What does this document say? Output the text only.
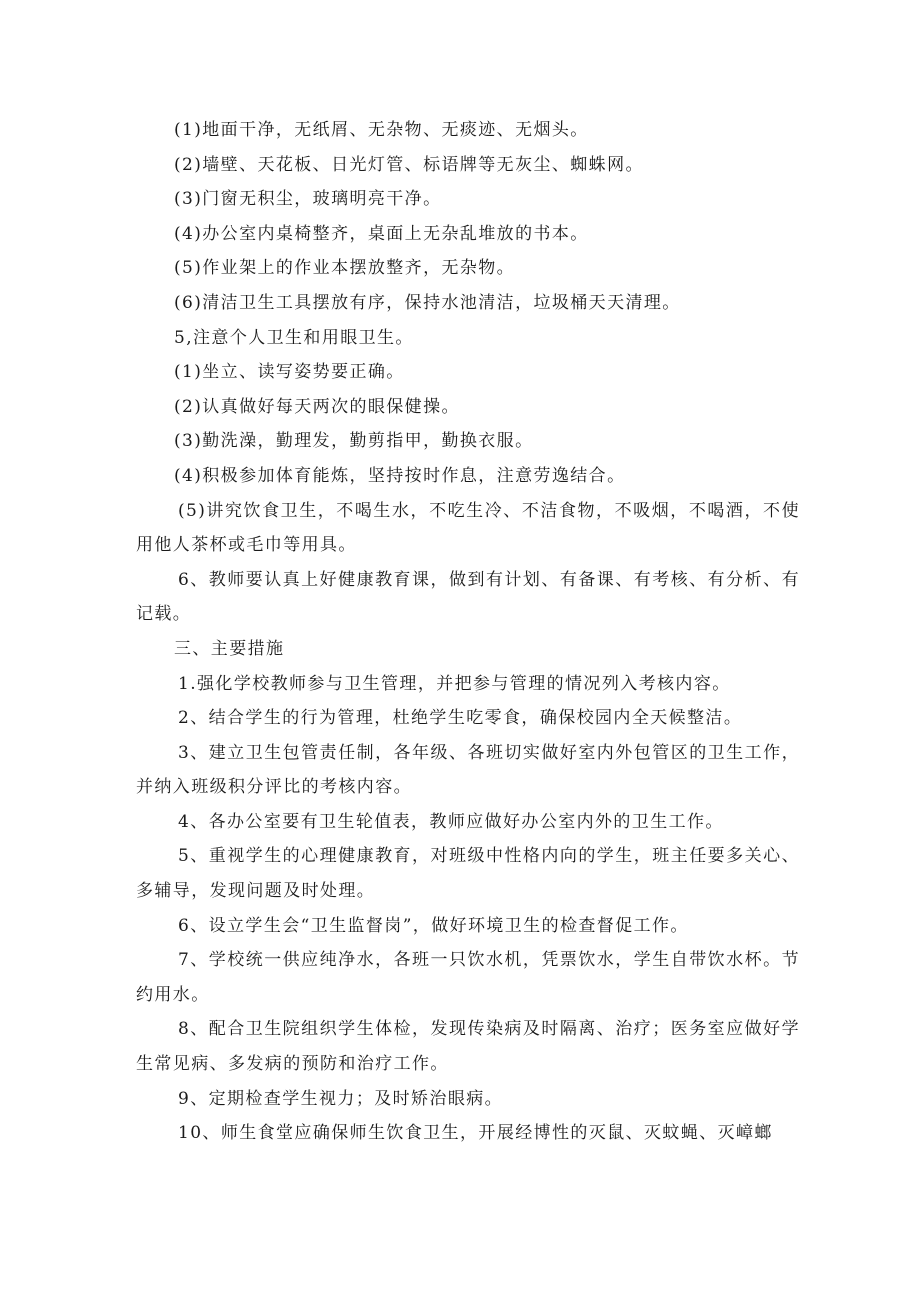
(1)地面干净，无纸屑、无杂物、无痰迹、无烟头。
(2)墙壁、天花板、日光灯管、标语牌等无灰尘、蜘蛛网。
(3)门窗无积尘，玻璃明亮干净。
(4)办公室内桌椅整齐，桌面上无杂乱堆放的书本。
(5)作业架上的作业本摆放整齐，无杂物。
(6)清洁卫生工具摆放有序，保持水池清洁，垃圾桶天天清理。
5,注意个人卫生和用眼卫生。
(1)坐立、读写姿势要正确。
(2)认真做好每天两次的眼保健操。
(3)勤洗澡，勤理发，勤剪指甲，勤换衣服。
(4)积极参加体育能炼，坚持按时作息，注意劳逸结合。
(5)讲究饮食卫生，不喝生水，不吃生冷、不洁食物，不吸烟，不喝酒，不使用他人茶杯或毛巾等用具。
6、教师要认真上好健康教育课，做到有计划、有备课、有考核、有分析、有记载。
三、主要措施
1.强化学校教师参与卫生管理，并把参与管理的情况列入考核内容。
2、结合学生的行为管理，杜绝学生吃零食，确保校园内全天候整洁。
3、建立卫生包管责任制，各年级、各班切实做好室内外包管区的卫生工作，并纳入班级积分评比的考核内容。
4、各办公室要有卫生轮值表，教师应做好办公室内外的卫生工作。
5、重视学生的心理健康教育，对班级中性格内向的学生，班主任要多关心、多辅导，发现问题及时处理。
6、设立学生会“卫生监督岗”，做好环境卫生的检查督促工作。
7、学校统一供应纯净水，各班一只饮水机，凭票饮水，学生自带饮水杯。节约用水。
8、配合卫生院组织学生体检，发现传染病及时隔离、治疗；医务室应做好学生常见病、多发病的预防和治疗工作。
9、定期检查学生视力；及时矫治眼病。
10、师生食堂应确保师生饮食卫生，开展经博性的灭鼠、灭蚊蝇、灭嶂螂
